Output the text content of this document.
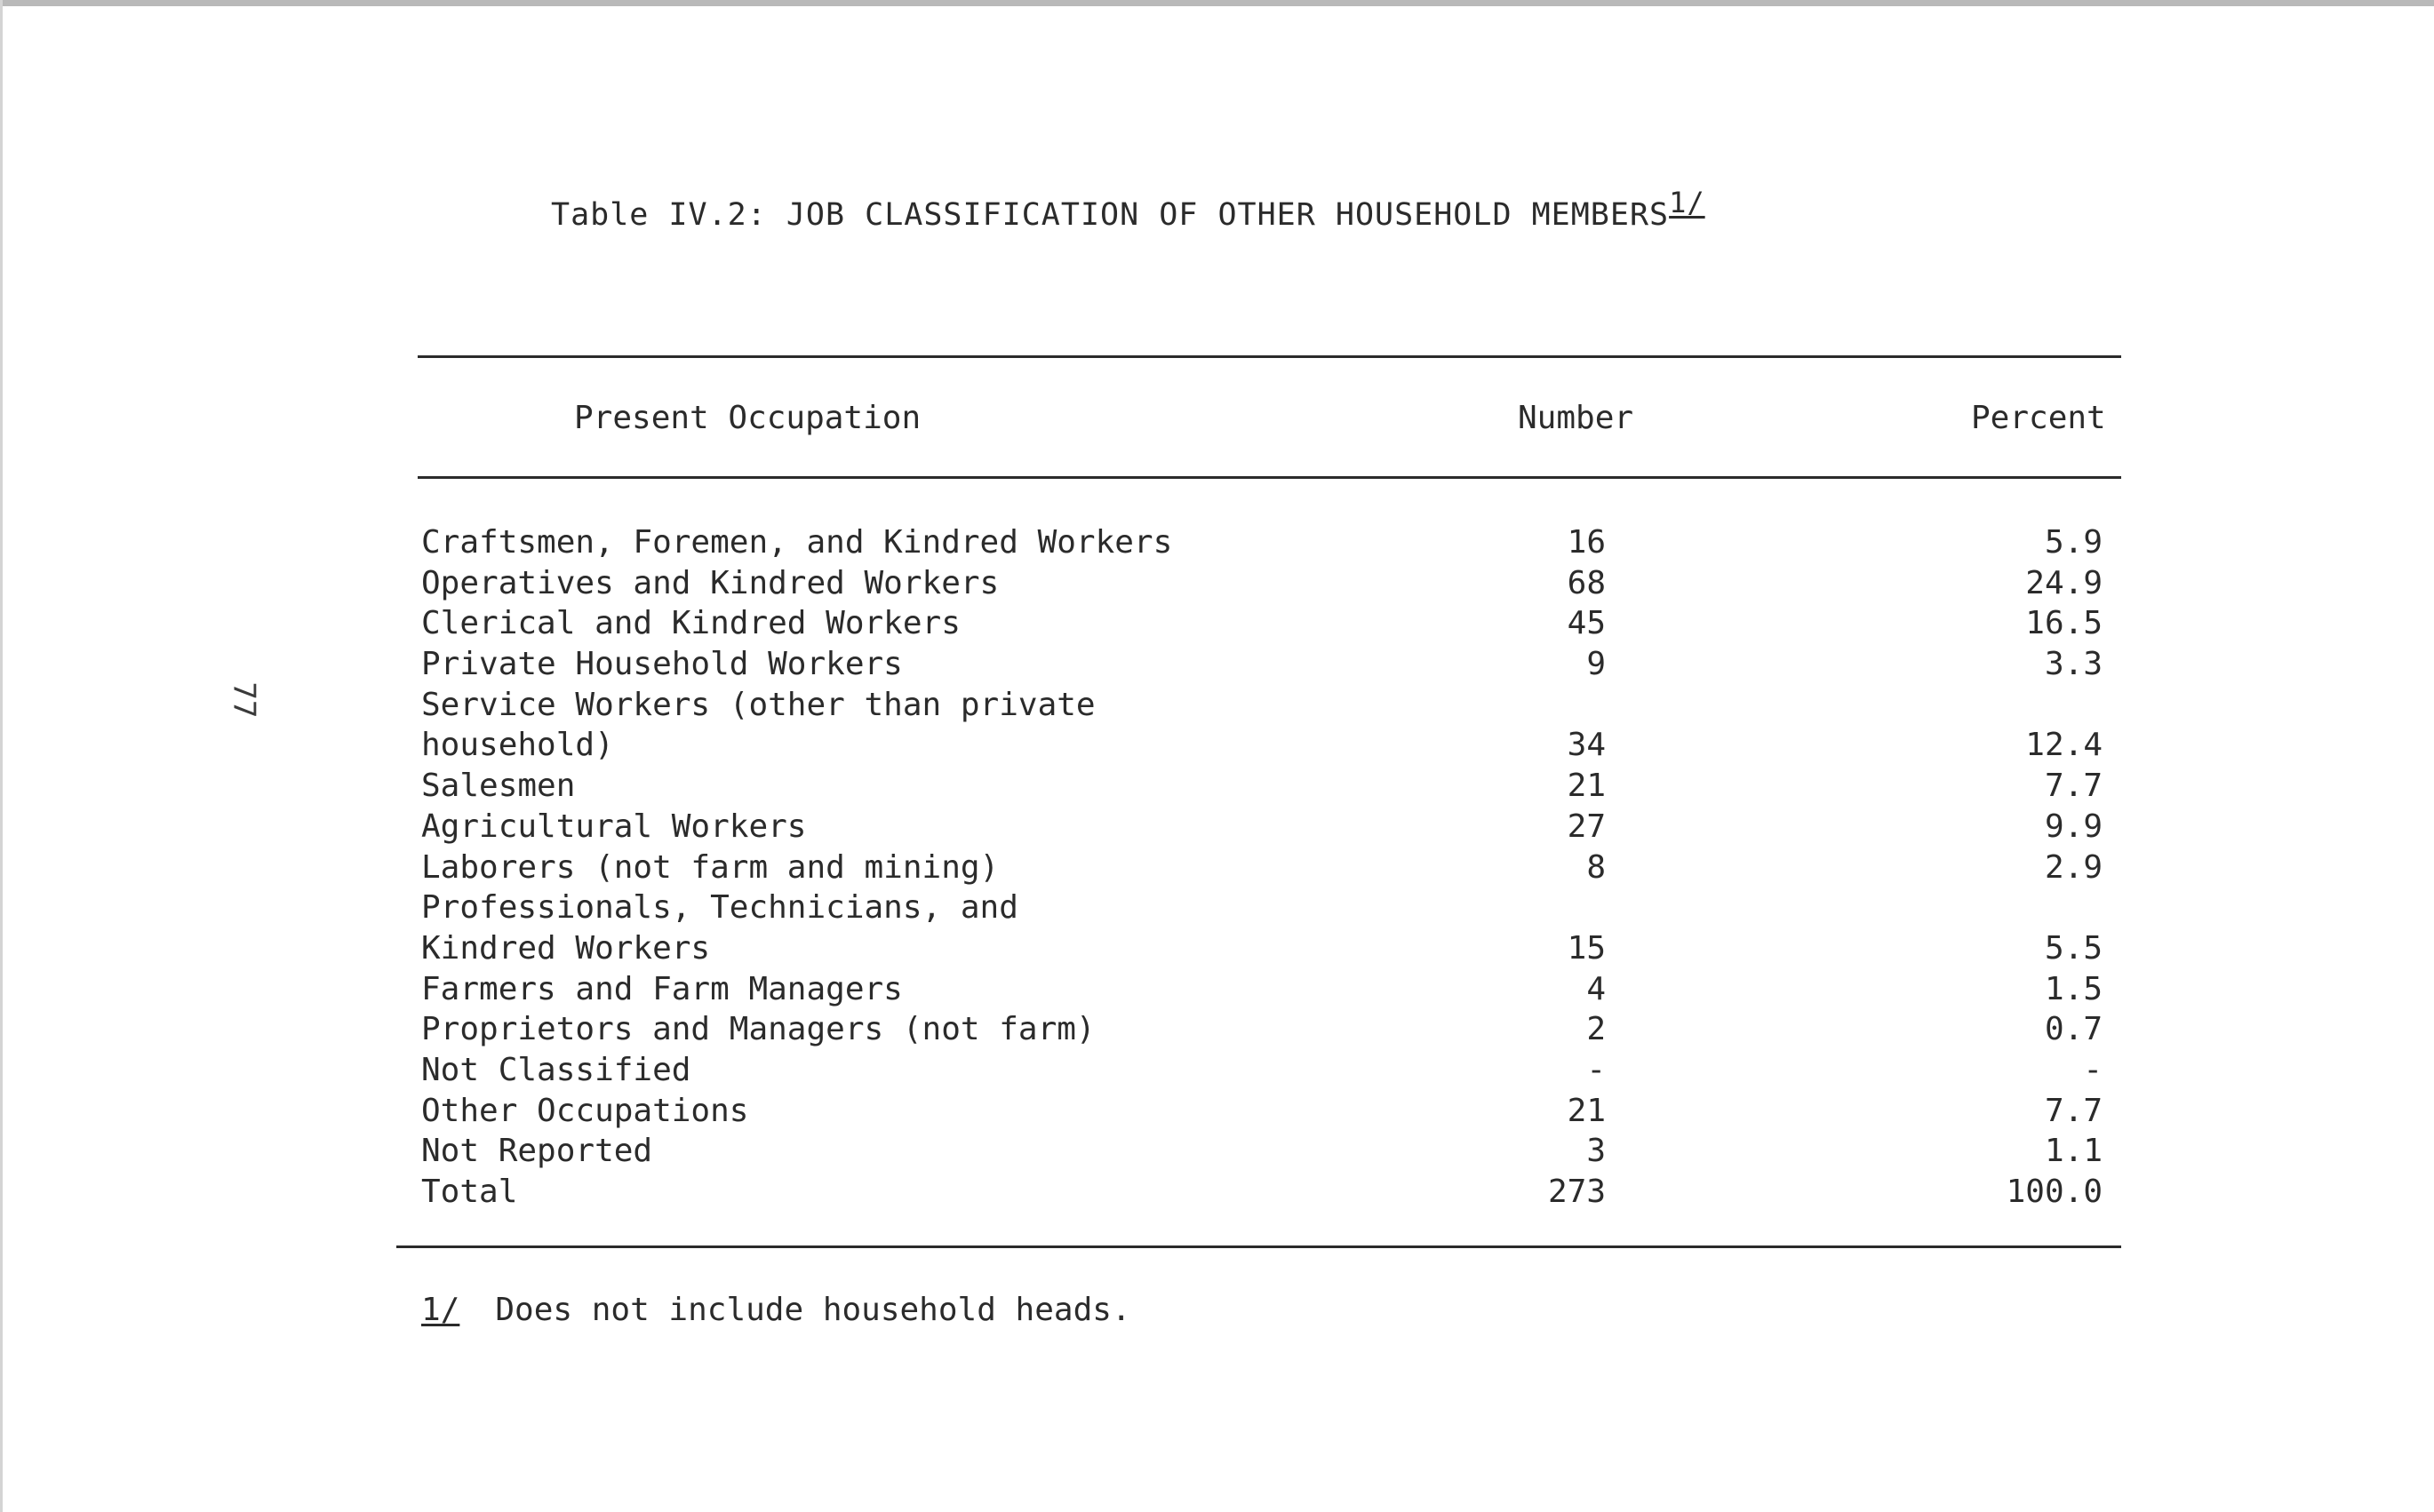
77
Table IV.2: JOB CLASSIFICATION OF OTHER HOUSEHOLD MEMBERS1/
Present Occupation	Number	Percent
Craftsmen, Foremen, and Kindred Workers	16	5.9
Operatives and Kindred Workers	68	24.9
Clerical and Kindred Workers	45	16.5
Private Household Workers	9	3.3
Service Workers (other than private
household)	34	12.4
Salesmen	21	7.7
Agricultural Workers	27	9.9
Laborers (not farm and mining)	8	2.9
Professionals, Technicians, and
Kindred Workers	15	5.5
Farmers and Farm Managers	4	1.5
Proprietors and Managers (not farm)	2	0.7
Not Classified	-	-
Other Occupations	21	7.7
Not Reported	3	1.1
Total	273	100.0
1/ Does not include household heads.
